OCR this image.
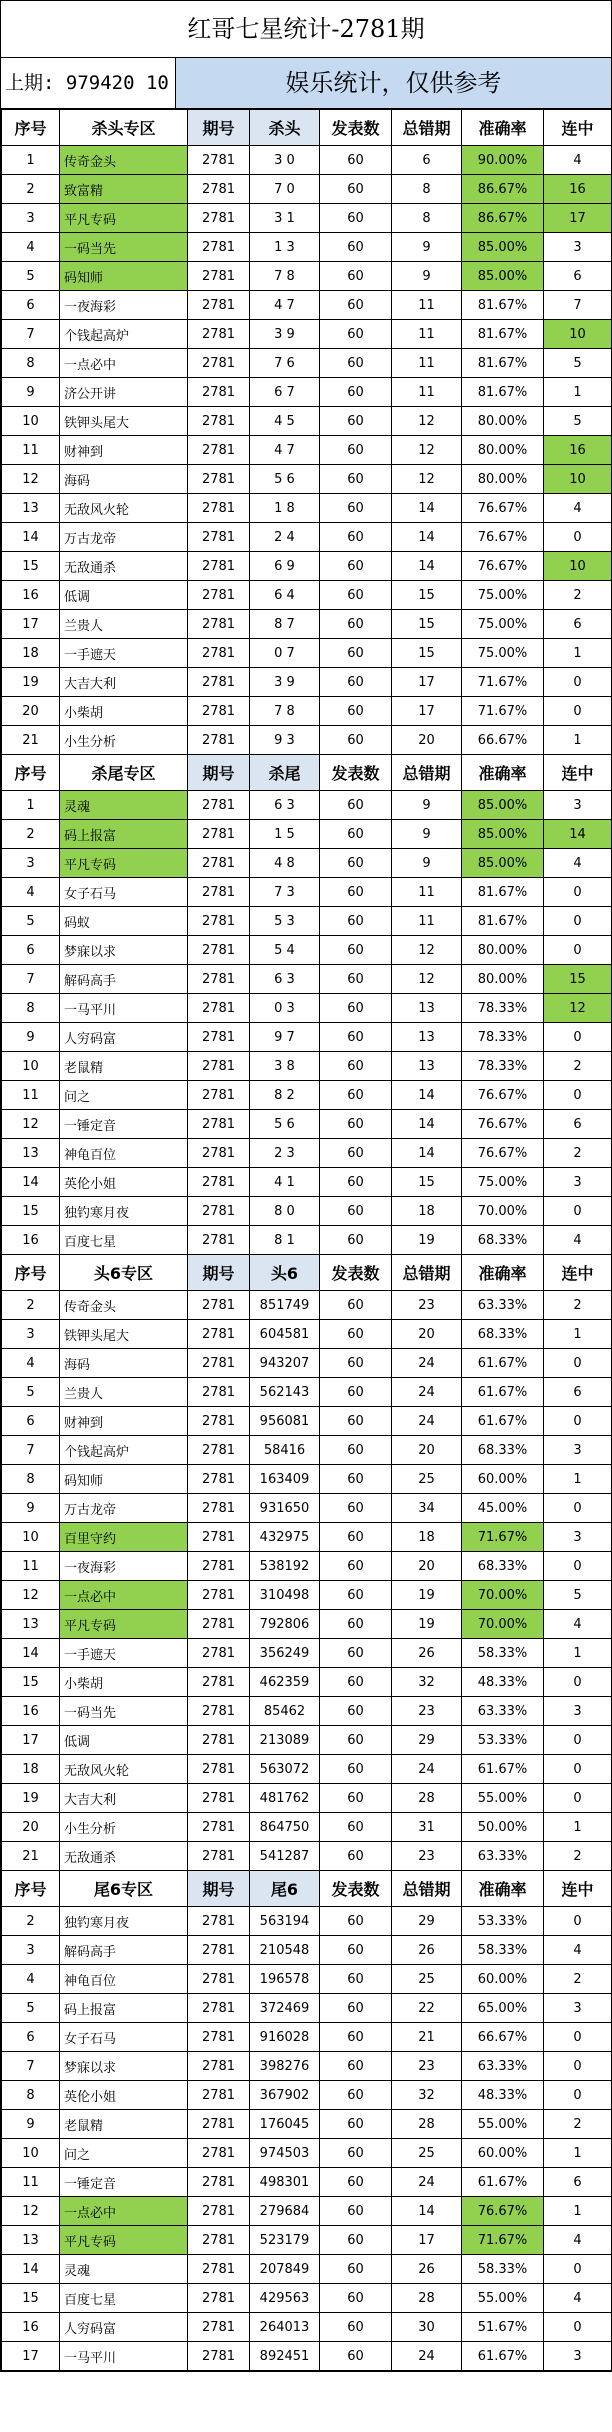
红哥七星统计-2781期
上期: 979420 10	娱乐统计，仅供参考
序号	杀头专区	期号	杀头	发表数	总错期	准确率	连中
1	传奇金头	2781	3 0	60	6	90.00%	4
2	致富精	2781	7 0	60	8	86.67%	16
3	平凡专码	2781	3 1	60	8	86.67%	17
4	一码当先	2781	1 3	60	9	85.00%	3
5	码知师	2781	7 8	60	9	85.00%	6
6	一夜海彩	2781	4 7	60	11	81.67%	7
7	个钱起高炉	2781	3 9	60	11	81.67%	10
8	一点必中	2781	7 6	60	11	81.67%	5
9	济公开讲	2781	6 7	60	11	81.67%	1
10	铁钾头尾大	2781	4 5	60	12	80.00%	5
11	财神到	2781	4 7	60	12	80.00%	16
12	海码	2781	5 6	60	12	80.00%	10
13	无敌风火轮	2781	1 8	60	14	76.67%	4
14	万古龙帝	2781	2 4	60	14	76.67%	0
15	无敌通杀	2781	6 9	60	14	76.67%	10
16	低调	2781	6 4	60	15	75.00%	2
17	兰贵人	2781	8 7	60	15	75.00%	6
18	一手遮天	2781	0 7	60	15	75.00%	1
19	大吉大利	2781	3 9	60	17	71.67%	0
20	小柴胡	2781	7 8	60	17	71.67%	0
21	小生分析	2781	9 3	60	20	66.67%	1
序号	杀尾专区	期号	杀尾	发表数	总错期	准确率	连中
1	灵魂	2781	6 3	60	9	85.00%	3
2	码上报富	2781	1 5	60	9	85.00%	14
3	平凡专码	2781	4 8	60	9	85.00%	4
4	女子石马	2781	7 3	60	11	81.67%	0
5	码蚁	2781	5 3	60	11	81.67%	0
6	梦寐以求	2781	5 4	60	12	80.00%	0
7	解码高手	2781	6 3	60	12	80.00%	15
8	一马平川	2781	0 3	60	13	78.33%	12
9	人穷码富	2781	9 7	60	13	78.33%	0
10	老鼠精	2781	3 8	60	13	78.33%	2
11	问之	2781	8 2	60	14	76.67%	0
12	一锤定音	2781	5 6	60	14	76.67%	6
13	神龟百位	2781	2 3	60	14	76.67%	2
14	英伦小姐	2781	4 1	60	15	75.00%	3
15	独钓寒月夜	2781	8 0	60	18	70.00%	0
16	百度七星	2781	8 1	60	19	68.33%	4
序号	头6专区	期号	头6	发表数	总错期	准确率	连中
2	传奇金头	2781	851749	60	23	63.33%	2
3	铁钾头尾大	2781	604581	60	20	68.33%	1
4	海码	2781	943207	60	24	61.67%	0
5	兰贵人	2781	562143	60	24	61.67%	6
6	财神到	2781	956081	60	24	61.67%	0
7	个钱起高炉	2781	58416	60	20	68.33%	3
8	码知师	2781	163409	60	25	60.00%	1
9	万古龙帝	2781	931650	60	34	45.00%	0
10	百里守约	2781	432975	60	18	71.67%	3
11	一夜海彩	2781	538192	60	20	68.33%	0
12	一点必中	2781	310498	60	19	70.00%	5
13	平凡专码	2781	792806	60	19	70.00%	4
14	一手遮天	2781	356249	60	26	58.33%	1
15	小柴胡	2781	462359	60	32	48.33%	0
16	一码当先	2781	85462	60	23	63.33%	3
17	低调	2781	213089	60	29	53.33%	0
18	无敌风火轮	2781	563072	60	24	61.67%	0
19	大吉大利	2781	481762	60	28	55.00%	0
20	小生分析	2781	864750	60	31	50.00%	1
21	无敌通杀	2781	541287	60	23	63.33%	2
序号	尾6专区	期号	尾6	发表数	总错期	准确率	连中
2	独钓寒月夜	2781	563194	60	29	53.33%	0
3	解码高手	2781	210548	60	26	58.33%	4
4	神龟百位	2781	196578	60	25	60.00%	2
5	码上报富	2781	372469	60	22	65.00%	3
6	女子石马	2781	916028	60	21	66.67%	0
7	梦寐以求	2781	398276	60	23	63.33%	0
8	英伦小姐	2781	367902	60	32	48.33%	0
9	老鼠精	2781	176045	60	28	55.00%	2
10	问之	2781	974503	60	25	60.00%	1
11	一锤定音	2781	498301	60	24	61.67%	6
12	一点必中	2781	279684	60	14	76.67%	1
13	平凡专码	2781	523179	60	17	71.67%	4
14	灵魂	2781	207849	60	26	58.33%	0
15	百度七星	2781	429563	60	28	55.00%	4
16	人穷码富	2781	264013	60	30	51.67%	0
17	一马平川	2781	892451	60	24	61.67%	3
